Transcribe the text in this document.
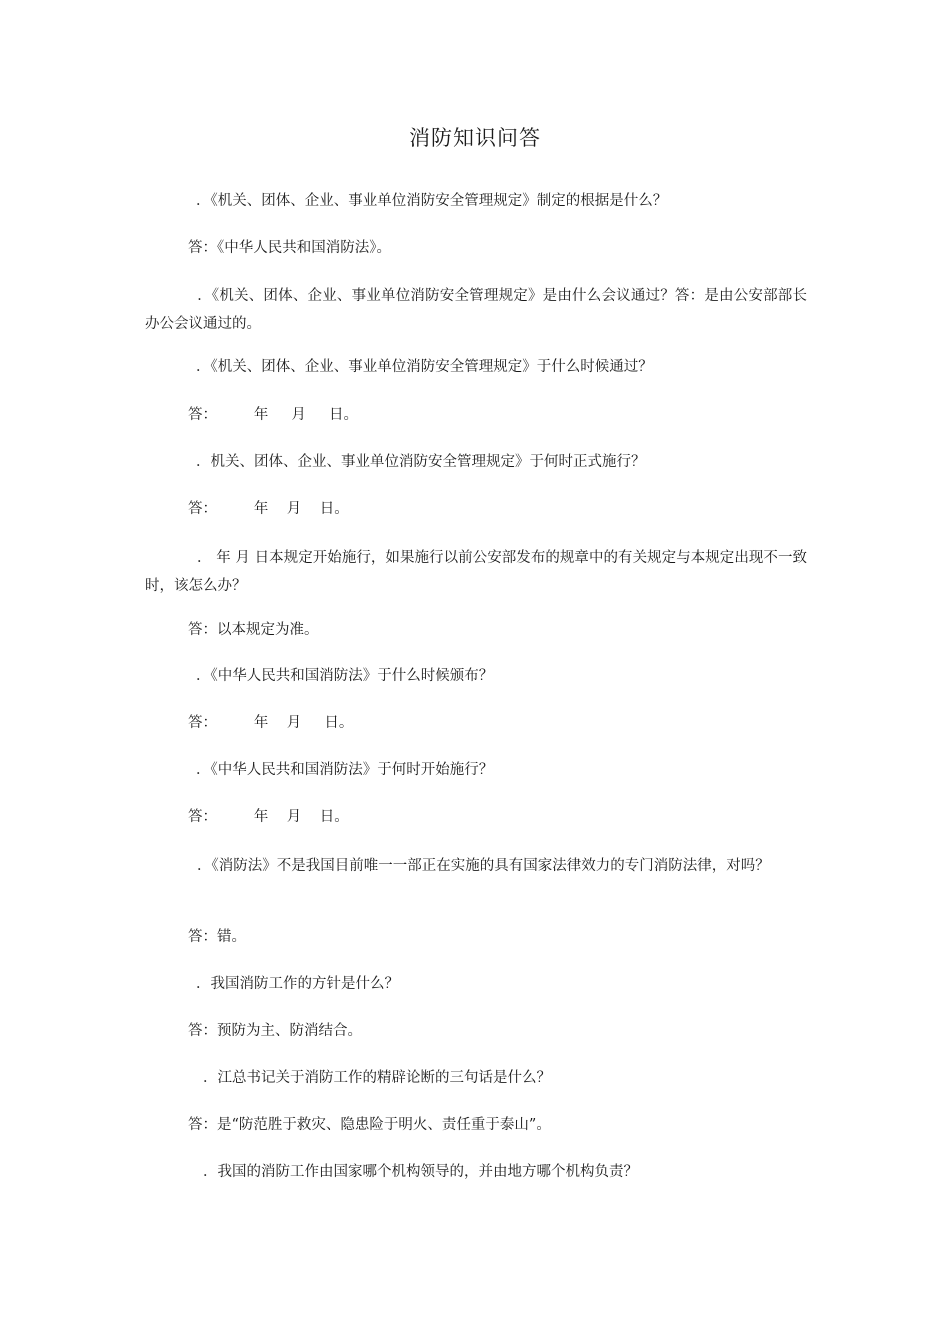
消防知识问答
．《机关、团体、企业、事业单位消防安全管理规定》制定的根据是什么？
答：《中华人民共和国消防法》。
．《机关、团体、企业、事业单位消防安全管理规定》是由什么会议通过？答：是由公安部部长办公会议通过的。
．《机关、团体、企业、事业单位消防安全管理规定》于什么时候通过？
答：        年     月     日。
．机关、团体、企业、事业单位消防安全管理规定》于何时正式施行？
答：        年    月    日。
． 年 月 日本规定开始施行，如果施行以前公安部发布的规章中的有关规定与本规定出现不一致时，该怎么办？
答：以本规定为准。
．《中华人民共和国消防法》于什么时候颁布？
答：        年    月     日。
．《中华人民共和国消防法》于何时开始施行？
答：        年    月    日。
．《消防法》不是我国目前唯一一部正在实施的具有国家法律效力的专门消防法律，对吗？
答：错。
．我国消防工作的方针是什么？
答：预防为主、防消结合。
．江总书记关于消防工作的精辟论断的三句话是什么？
答：是“防范胜于救灾、隐患险于明火、责任重于泰山”。
．我国的消防工作由国家哪个机构领导的，并由地方哪个机构负责？
